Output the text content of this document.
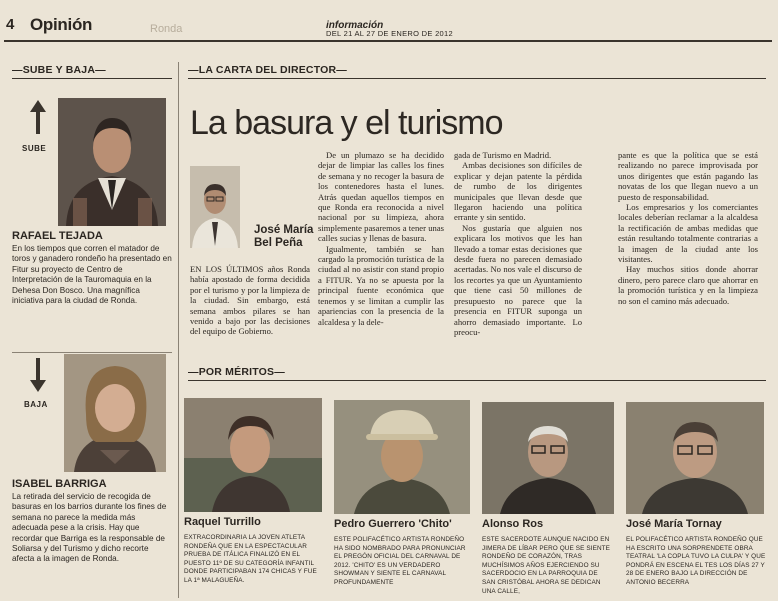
4 Opinión	Ronda	información
DEL 21 AL 27 DE ENERO DE 2012
—SUBE Y BAJA—
SUBE
RAFAEL TEJADA
En los tiempos que corren el matador de toros y ganadero rondeño ha presentado en Fitur su proyecto de Centro de Interpretación de la Tauromaquia en la Dehesa Don Bosco. Una magnífica iniciativa para la ciudad de Ronda.
BAJA
ISABEL BARRIGA
La retirada del servicio de recogida de basuras en los barrios durante los fines de semana no parece la medida más adecuada pese a la crisis. Hay que recordar que Barriga es la responsable de Soliarsa y del Turismo y dicho recorte afecta a la imagen de Ronda.
—LA CARTA DEL DIRECTOR—
La basura y el turismo
José María
Bel Peña

EN LOS ÚLTIMOS años Ronda había apostado de forma decidida por el turismo y por la limpieza de la ciudad. Sin embargo, está semana ambos pilares se han venido a bajo por las decisiones del equipo de Gobierno.

De un plumazo se ha decidido dejar de limpiar las calles los fines de semana y no recoger la basura de los contenedores hasta el lunes. Atrás quedan aquellos tiempos en que Ronda era reconocida a nivel nacional por su limpieza, ahora simplemente pasaremos a tener unas calles sucias y llenas de basura.

Igualmente, también se han cargado la promoción turística de la ciudad al no asistir con stand propio a FITUR. Ya no se apuesta por la principal fuente económica que tenemos y se limitan a cumplir las apariencias con la presencia de la alcaldesa y la dele-

gada de Turismo en Madrid.

Ambas decisiones son difíciles de explicar y dejan patente la pérdida de rumbo de los dirigentes municipales que llevan desde que llegaron haciendo una política errante y sin sentido.

Nos gustaría que alguien nos explicara los motivos que les han llevado a tomar estas decisiones que desde fuera no parecen demasiado acertadas. No nos vale el discurso de los recortes ya que un Ayuntamiento que tiene casi 50 millones de presupuesto no parece que la presencia en FITUR suponga un ahorro demasiado importante. Lo preocu-

pante es que la política que se está realizando no parece improvisada por unos dirigentes que están pagando las novatas de los que llegan nuevo a un puesto de responsabilidad.

Los empresarios y los comerciantes locales deberían reclamar a la alcaldesa la rectificación de ambas medidas que están resultando totalmente contrarias a la imagen de la ciudad ante los visitantes.

Hay muchos sitios donde ahorrar dinero, pero parece claro que ahorrar en la promoción turística y en la limpieza no son el camino más adecuado.

—POR MÉRITOS—
Raquel Turrillo
EXTRACORDINARIA LA JOVEN ATLETA RONDEÑA QUE EN LA ESPECTACULAR PRUEBA DE ITÁLICA FINALIZÓ EN EL PUESTO 11º DE SU CATEGORÍA INFANTIL DONDE PARTICIPABAN 174 CHICAS Y FUE LA 1ª MALAGUEÑA.
Pedro Guerrero 'Chito'
ESTE POLIFACÉTICO ARTISTA RONDEÑO HA SIDO NOMBRADO PARA PRONUNCIAR EL PREGÓN OFICIAL DEL CARNAVAL DE 2012. 'CHITO' ES UN VERDADERO SHOWMAN Y SIENTE EL CARNAVAL PROFUNDAMENTE
Alonso Ros
ESTE SACERDOTE AUNQUE NACIDO EN JIMERA DE LÍBAR PERO QUE SE SIENTE RONDEÑO DE CORAZÓN, TRAS MUCHÍSIMOS AÑOS EJERCIENDO SU SACERDOCIO EN LA PARROQUIA DE SAN CRISTÓBAL AHORA SE DEDICAN UNA CALLE,
José María Tornay
EL POLIFACÉTICO ARTISTA RONDEÑO QUE HA ESCRITO UNA SORPRENDETE OBRA TEATRAL 'LA COPLA TUVO LA CULPA' Y QUE PONDRÁ EN ESCENA EL TES LOS DÍAS 27 Y 28 DE ENERO BAJO LA DIRECCIÓN DE ANTONIO BECERRA
